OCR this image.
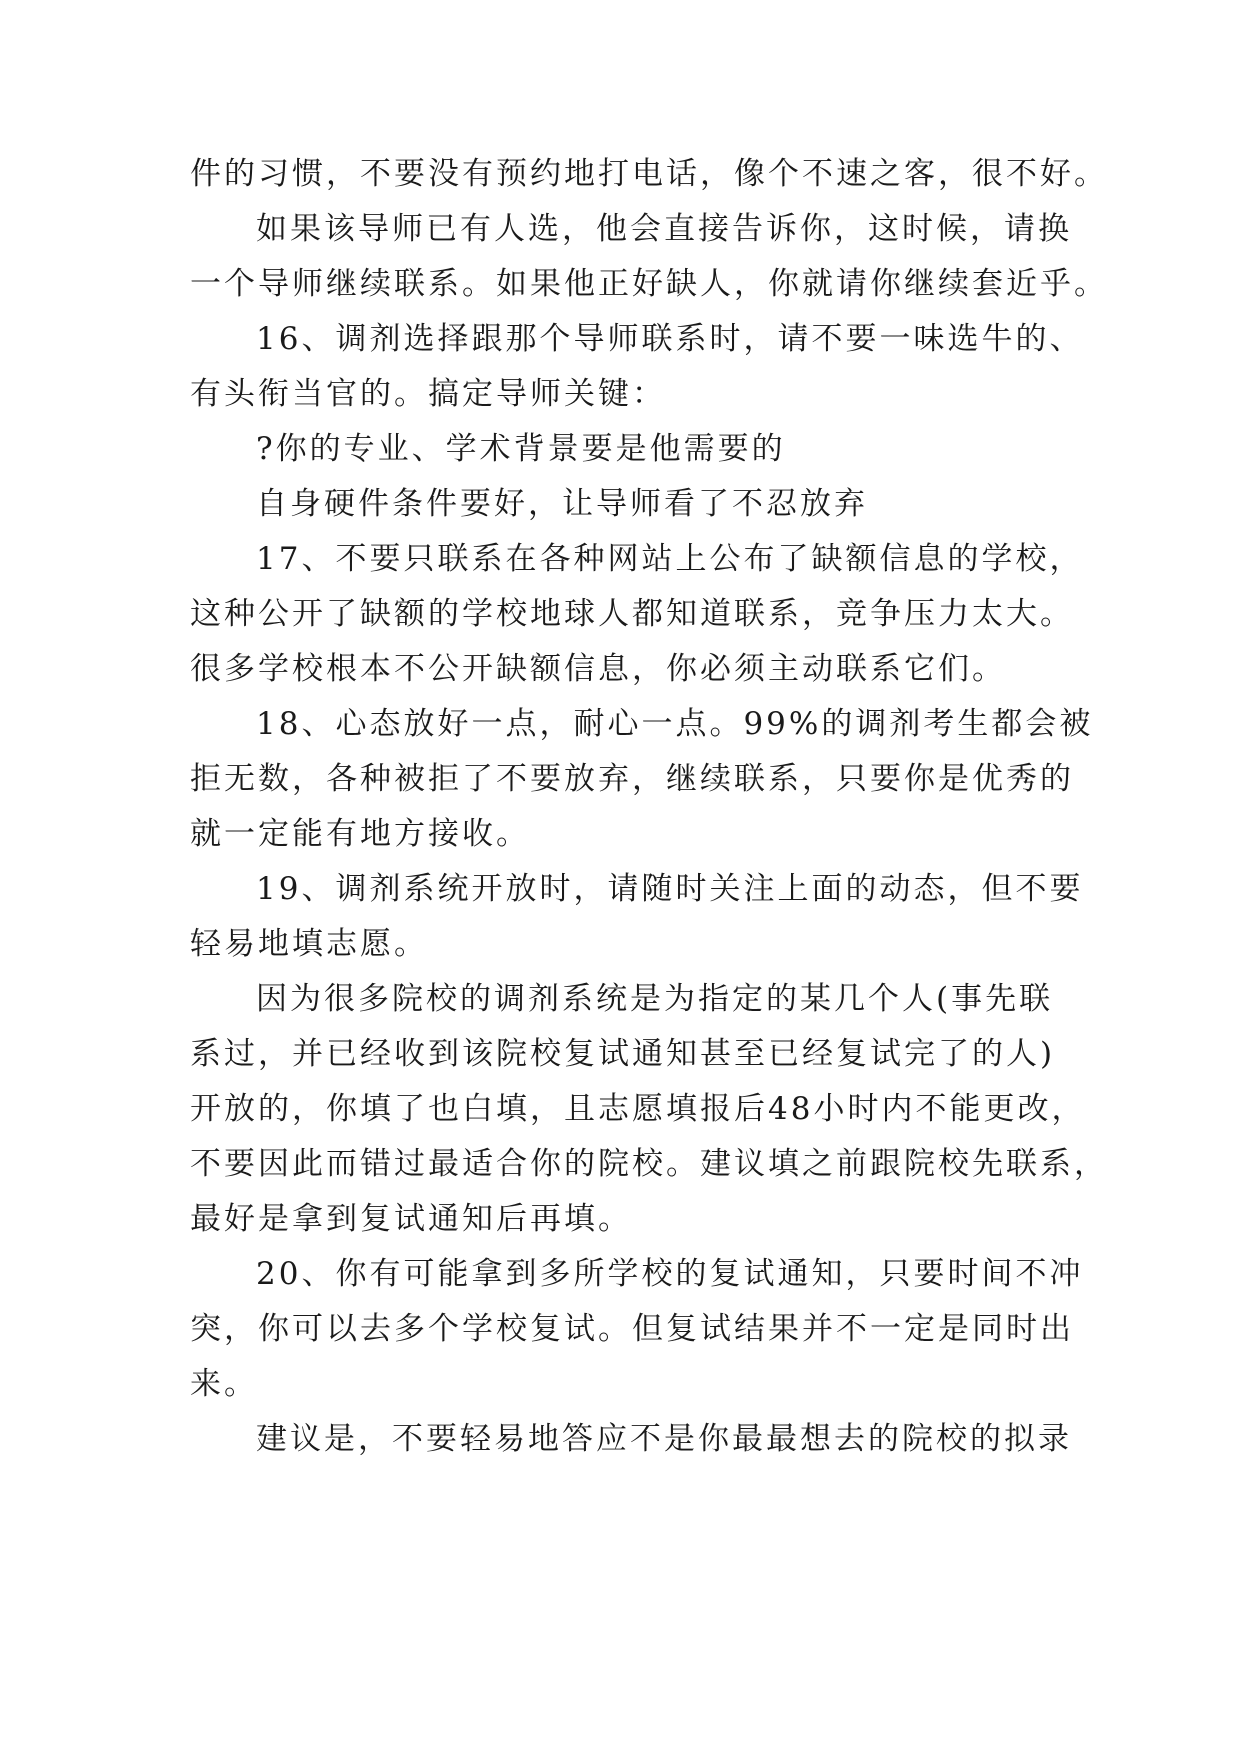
件的习惯，不要没有预约地打电话，像个不速之客，很不好。
如果该导师已有人选，他会直接告诉你，这时候，请换
一个导师继续联系。如果他正好缺人，你就请你继续套近乎。
16、调剂选择跟那个导师联系时，请不要一味选牛的、
有头衔当官的。搞定导师关键：
?你的专业、学术背景要是他需要的
自身硬件条件要好，让导师看了不忍放弃
17、不要只联系在各种网站上公布了缺额信息的学校，
这种公开了缺额的学校地球人都知道联系，竞争压力太大。
很多学校根本不公开缺额信息，你必须主动联系它们。
18、心态放好一点，耐心一点。99%的调剂考生都会被
拒无数，各种被拒了不要放弃，继续联系，只要你是优秀的
就一定能有地方接收。
19、调剂系统开放时，请随时关注上面的动态，但不要
轻易地填志愿。
因为很多院校的调剂系统是为指定的某几个人(事先联
系过，并已经收到该院校复试通知甚至已经复试完了的人)
开放的，你填了也白填，且志愿填报后48小时内不能更改，
不要因此而错过最适合你的院校。建议填之前跟院校先联系，
最好是拿到复试通知后再填。
20、你有可能拿到多所学校的复试通知，只要时间不冲
突，你可以去多个学校复试。但复试结果并不一定是同时出
来。
建议是，不要轻易地答应不是你最最想去的院校的拟录
